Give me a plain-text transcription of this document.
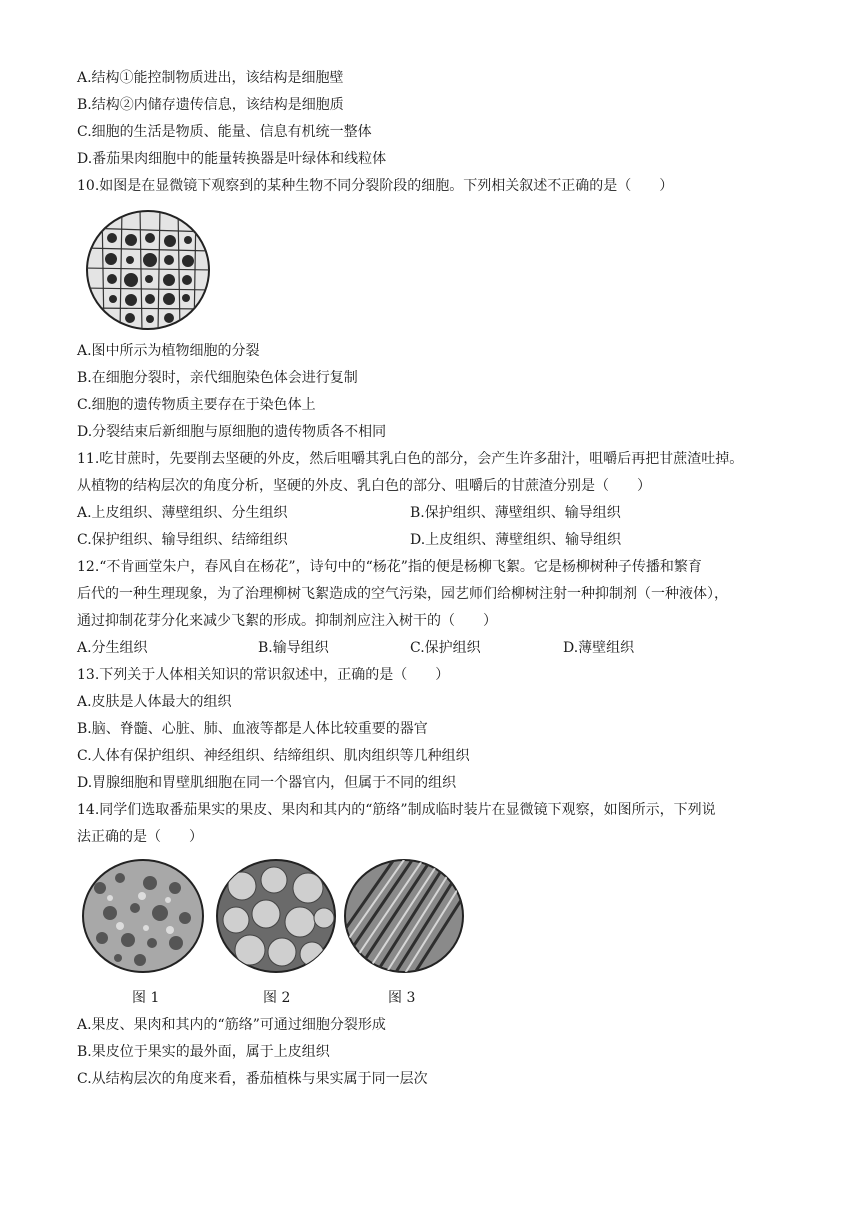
A.结构①能控制物质进出，该结构是细胞壁
B.结构②内储存遗传信息，该结构是细胞质
C.细胞的生活是物质、能量、信息有机统一整体
D.番茄果肉细胞中的能量转换器是叶绿体和线粒体
10.如图是在显微镜下观察到的某种生物不同分裂阶段的细胞。下列相关叙述不正确的是（　　）
A.图中所示为植物细胞的分裂
B.在细胞分裂时，亲代细胞染色体会进行复制
C.细胞的遗传物质主要存在于染色体上
D.分裂结束后新细胞与原细胞的遗传物质各不相同
11.吃甘蔗时，先要削去坚硬的外皮，然后咀嚼其乳白色的部分，会产生许多甜汁，咀嚼后再把甘蔗渣吐掉。
从植物的结构层次的角度分析，坚硬的外皮、乳白色的部分、咀嚼后的甘蔗渣分别是（　　）
A.上皮组织、薄壁组织、分生组织	B.保护组织、薄壁组织、输导组织
C.保护组织、输导组织、结缔组织	D.上皮组织、薄壁组织、输导组织
12.“不肯画堂朱户，春风自在杨花”，诗句中的“杨花”指的便是杨柳飞絮。它是杨柳树种子传播和繁育
后代的一种生理现象，为了治理柳树飞絮造成的空气污染，园艺师们给柳树注射一种抑制剂（一种液体），
通过抑制花芽分化来减少飞絮的形成。抑制剂应注入树干的（　　）
A.分生组织	B.输导组织	C.保护组织	D.薄壁组织
13.下列关于人体相关知识的常识叙述中，正确的是（　　）
A.皮肤是人体最大的组织
B.脑、脊髓、心脏、肺、血液等都是人体比较重要的器官
C.人体有保护组织、神经组织、结缔组织、肌肉组织等几种组织
D.胃腺细胞和胃壁肌细胞在同一个器官内，但属于不同的组织
14.同学们选取番茄果实的果皮、果肉和其内的“筋络”制成临时装片在显微镜下观察，如图所示，下列说
法正确的是（　　）
图 1	图 2	图 3
A.果皮、果肉和其内的“筋络”可通过细胞分裂形成
B.果皮位于果实的最外面，属于上皮组织
C.从结构层次的角度来看，番茄植株与果实属于同一层次
